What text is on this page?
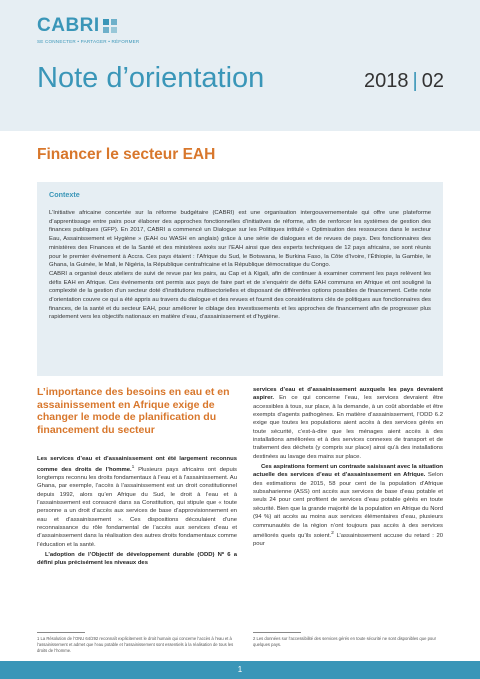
CABRI
SE CONNECTER • PARTAGER • RÉFORMER
Note d’orientation	2018 | 02
Financer le secteur EAH
Contexte

L’Initiative africaine concertée sur la réforme budgétaire (CABRI) est une organisation intergouvernementale qui offre une plateforme d’apprentissage entre pairs pour élaborer des approches fonctionnelles d’initiatives de réforme, afin de renforcer les systèmes de gestion des finances publiques (GFP). En 2017, CABRI a commencé un Dialogue sur les Politiques intitulé « Optimisation des ressources dans le secteur Eau, Assainissement et Hygiène » (EAH ou WASH en anglais) grâce à une série de dialogues et de revues de pays. Des fonctionnaires des ministères des Finances et de la Santé et des ministères axés sur l’EAH ainsi que des experts techniques de 12 pays africains, se sont réunis pour le premier événement à Accra. Ces pays étaient : l’Afrique du Sud, le Botswana, le Burkina Faso, la Côte d’Ivoire, l’Éthiopie, la Gambie, le Ghana, la Guinée, le Mali, le Nigéria, la République centrafricaine et la République démocratique du Congo.

CABRI a organisé deux ateliers de suivi de revue par les pairs, au Cap et à Kigali, afin de continuer à examiner comment les pays relèvent les défis EAH en Afrique. Ces événements ont permis aux pays de faire part et de s’enquérir de défis EAH communs en Afrique et ont souligné la complexité de la gestion d’un secteur doté d’institutions multisectorielles et disposant de différentes options possibles de financement. Cette note d’orientation couvre ce qui a été appris au travers du dialogue et des revues et fournit des considérations clés de politiques aux fonctionnaires des finances, de la santé et du secteur EAH, pour améliorer le ciblage des investissements et les approches de financement afin de progresser plus rapidement vers les objectifs nationaux en matière d’eau, d’assainissement et d’hygiène.

L’importance des besoins en eau et en assainissement en Afrique exige de changer le mode de planification du financement du secteur

Les services d’eau et d’assainissement ont été largement reconnus comme des droits de l’homme.$^1$ Plusieurs pays africains ont depuis longtemps reconnu les droits fondamentaux à l’eau et à l’assainissement. Au Ghana, par exemple, l’accès à l’assainissement est un droit constitutionnel depuis 1992, alors qu’en Afrique du Sud, le droit à l’eau et à l’assainissement est consacré dans sa Constitution, qui stipule que « toute personne a un droit d’accès aux services de base d’approvisionnement en eau et d’assainissement ». Ces dispositions découlaient d’une reconnaissance du rôle fondamental de l’accès aux services d’eau et d’assainissement dans la réalisation des autres droits fondamentaux comme l’éducation et la santé.

L’adoption de l’Objectif de développement durable (ODD) Nº 6 a défini plus précisément les niveaux des

services d’eau et d’assainissement auxquels les pays devraient aspirer. En ce qui concerne l’eau, les services devraient être accessibles à tous, sur place, à la demande, à un coût abordable et être exempts d’agents pathogènes. En matière d’assainissement, l’ODD 6.2 exige que toutes les populations aient accès à des services gérés en toute sécurité, c’est-à-dire que les ménages aient accès à des installations améliorées et à des services connexes de transport et de traitement des déchets (y compris sur place) ainsi qu’à des installations destinées au lavage des mains sur place.

Ces aspirations forment un contraste saisissant avec la situation actuelle des services d’eau et d’assainissement en Afrique. Selon des estimations de 2015, 58 pour cent de la population d’Afrique subsaharienne (ASS) ont accès aux services de base d’eau potable et seuls 24 pour cent profitent de services d’eau potable gérés en toute sécurité. Bien que la grande majorité de la population en Afrique du Nord (94 %) ait accès au moins aux services élémentaires d’eau, plusieurs communautés de la région n’ont toujours pas accès à des services améliorés quels qu’ils soient.$^2$ L’assainissement accuse du retard : 20 pour

1 La Résolution de l’ONU 64/292 reconnaît explicitement le droit humain qui concerne l’accès à l’eau et à l’assainissement et admet que l’eau potable et l’assainissement sont essentiels à la réalisation de tous les droits de l’homme.
2 Les données sur l’accessibilité des services gérés en toute sécurité ne sont disponibles que pour quelques pays.
1
